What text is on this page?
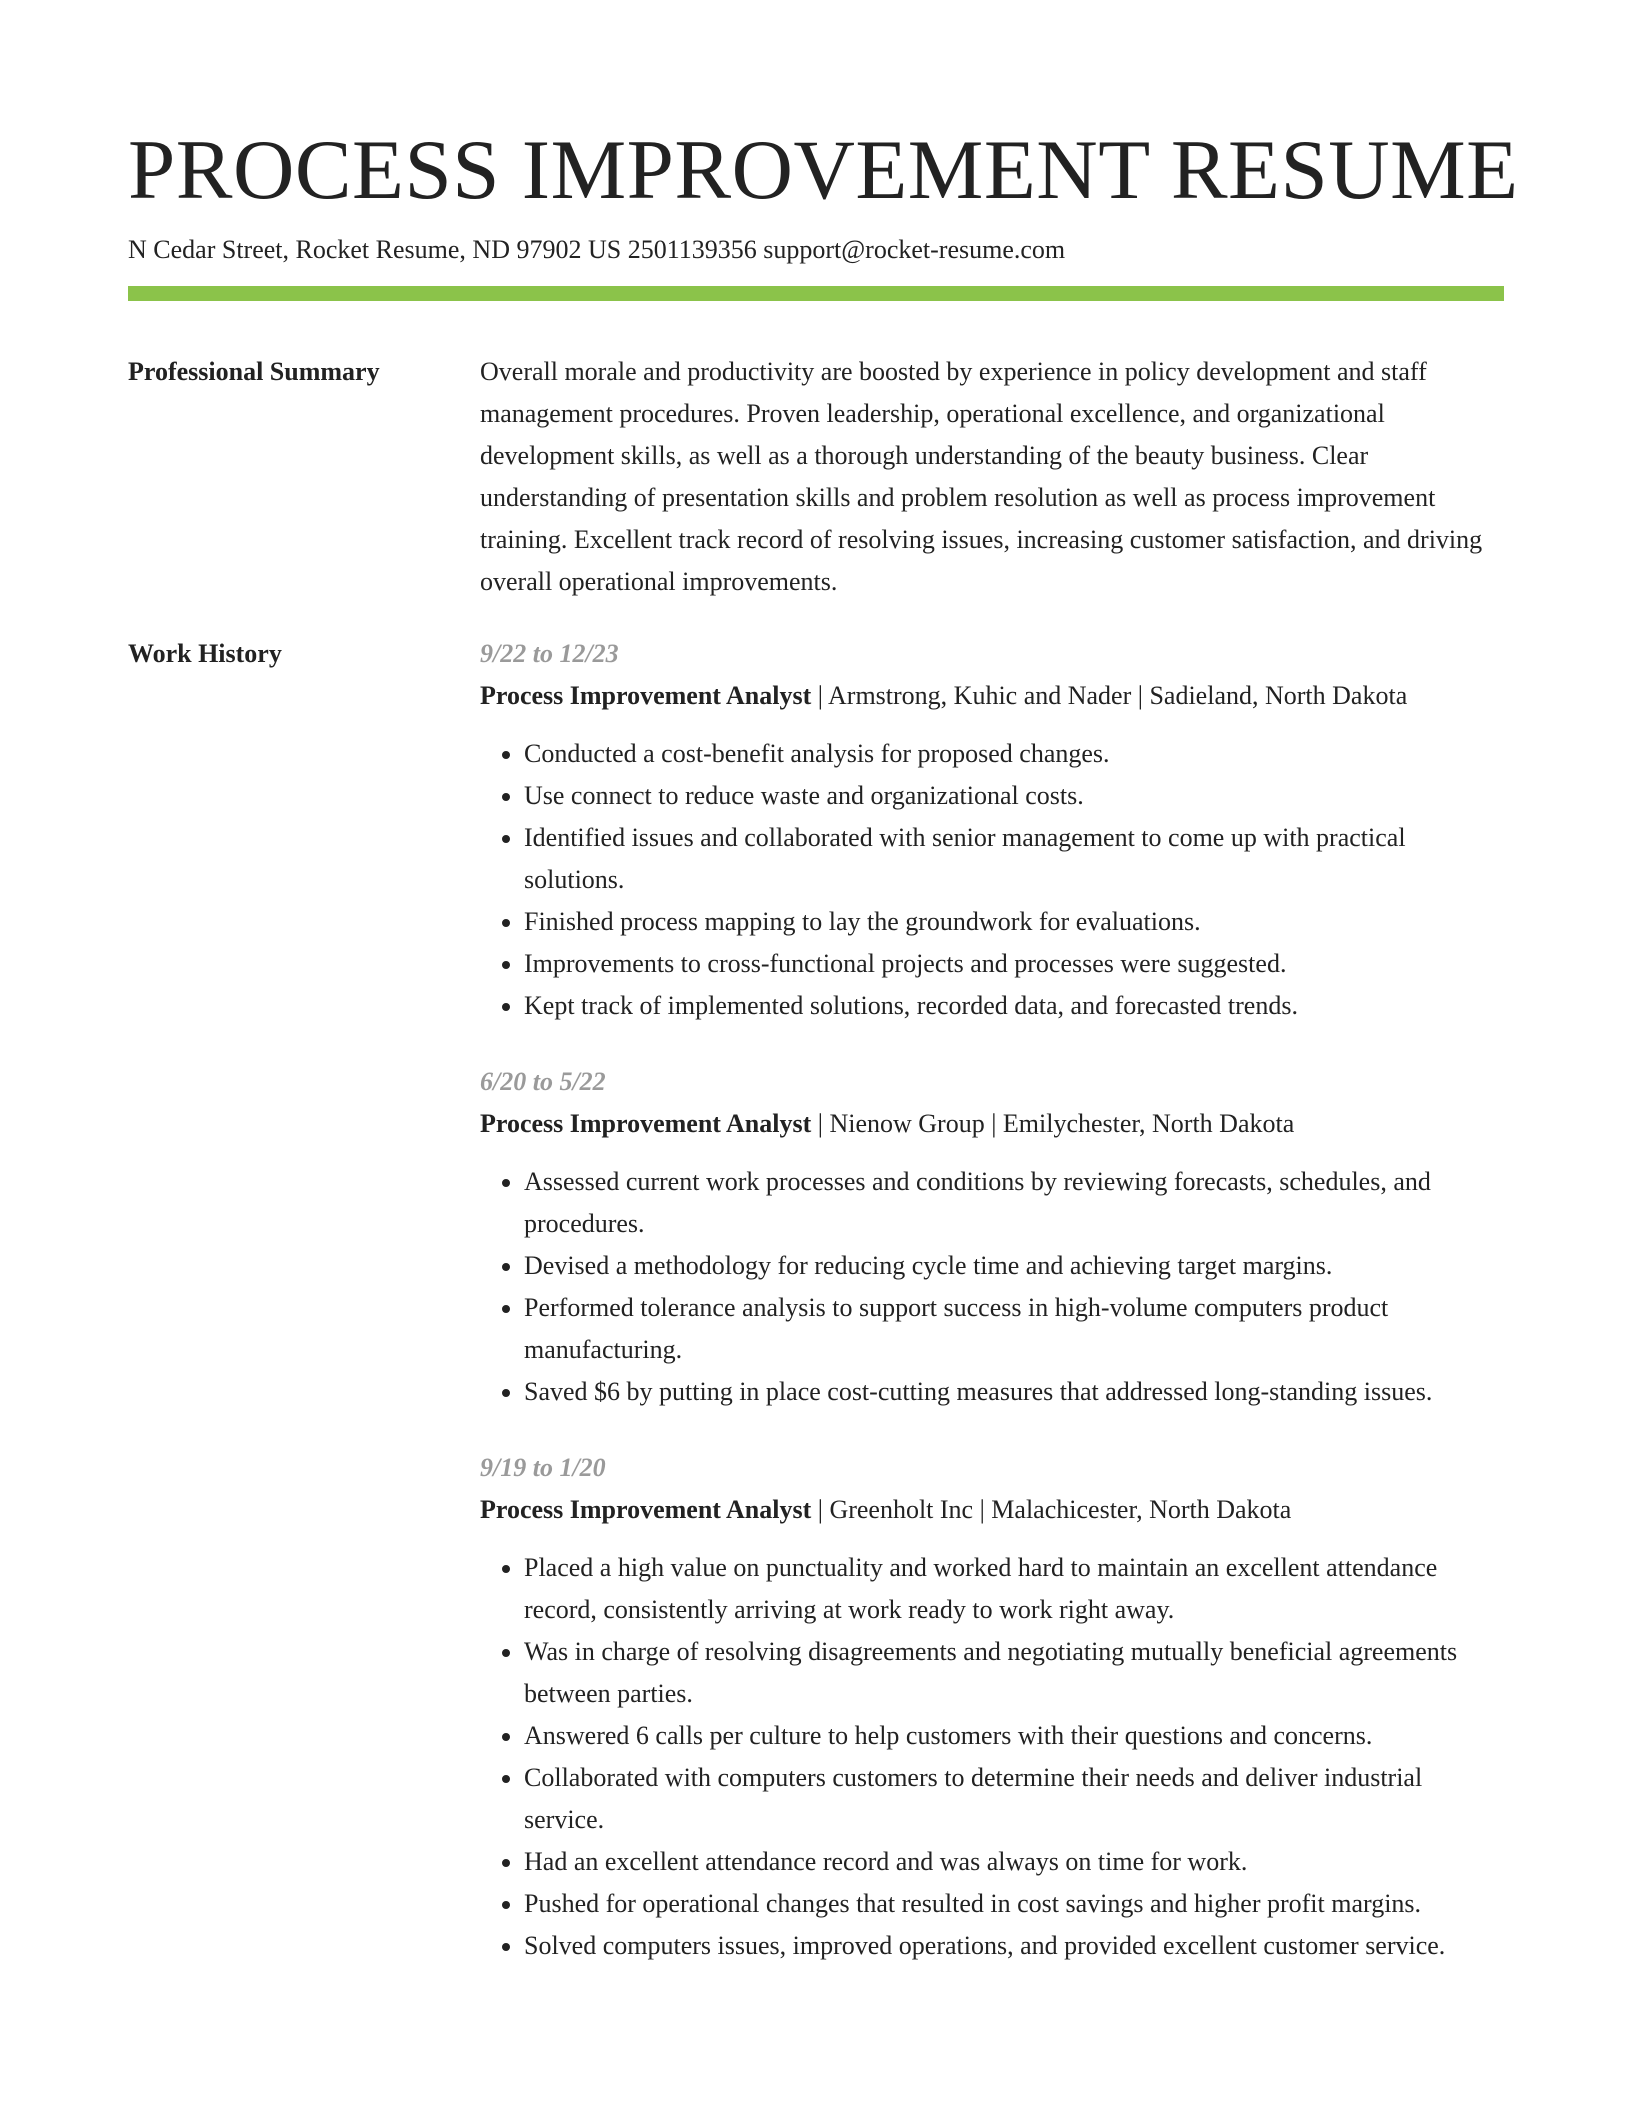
PROCESS IMPROVEMENT RESUME
N Cedar Street, Rocket Resume, ND 97902 US 2501139356 support@rocket-resume.com
Professional Summary	Overall morale and productivity are boosted by experience in policy development and staff management procedures. Proven leadership, operational excellence, and organizational development skills, as well as a thorough understanding of the beauty business. Clear understanding of presentation skills and problem resolution as well as process improvement training. Excellent track record of resolving issues, increasing customer satisfaction, and driving overall operational improvements.

Work History	9/22 to 12/23
Process Improvement Analyst | Armstrong, Kuhic and Nader | Sadieland, North Dakota
• Conducted a cost-benefit analysis for proposed changes.
• Use connect to reduce waste and organizational costs.
• Identified issues and collaborated with senior management to come up with practical solutions.
• Finished process mapping to lay the groundwork for evaluations.
• Improvements to cross-functional projects and processes were suggested.
• Kept track of implemented solutions, recorded data, and forecasted trends.
6/20 to 5/22
Process Improvement Analyst | Nienow Group | Emilychester, North Dakota
• Assessed current work processes and conditions by reviewing forecasts, schedules, and procedures.
• Devised a methodology for reducing cycle time and achieving target margins.
• Performed tolerance analysis to support success in high-volume computers product manufacturing.
• Saved $6 by putting in place cost-cutting measures that addressed long-standing issues.
9/19 to 1/20
Process Improvement Analyst | Greenholt Inc | Malachicester, North Dakota
• Placed a high value on punctuality and worked hard to maintain an excellent attendance record, consistently arriving at work ready to work right away.
• Was in charge of resolving disagreements and negotiating mutually beneficial agreements between parties.
• Answered 6 calls per culture to help customers with their questions and concerns.
• Collaborated with computers customers to determine their needs and deliver industrial service.
• Had an excellent attendance record and was always on time for work.
• Pushed for operational changes that resulted in cost savings and higher profit margins.
• Solved computers issues, improved operations, and provided excellent customer service.
